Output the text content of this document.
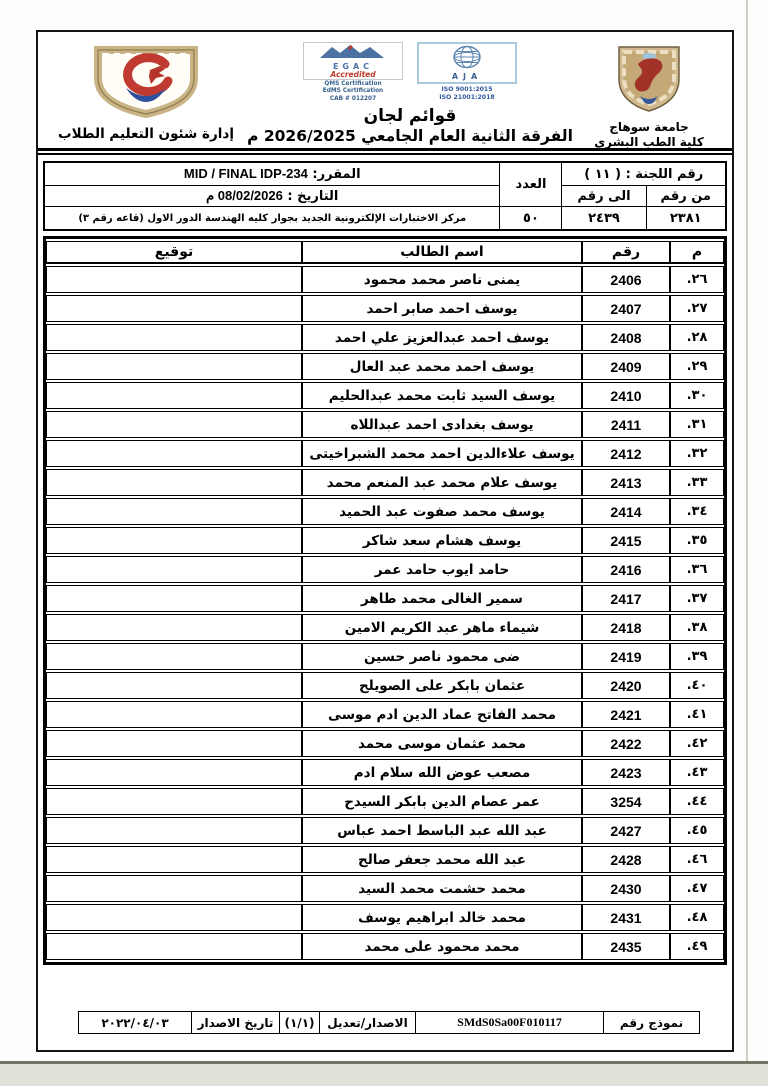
جامعة سوهاج
كلية الطب البشرى
EGAC
Accredited
QMS Certification
EdMS Certification
CAB # 012207
AJA
ISO 9001:2015
ISO 21001:2018
قوائم لجان
الفرقة الثانية العام الجامعي 2026/2025 م
إدارة شئون التعليم الطلاب
رقم اللجنة : ( ١١ )		العدد	المقرر: MID / FINAL IDP-234
من رقم	الى رقم		التاريخ : 08/02/2026 م
٢٣٨١	٢٤٣٩	٥٠	مركز الاختبارات الإلكترونية الجديد بجوار كليه الهندسة الدور الاول (قاعه رقم ٣)
م	رقم	اسم الطالب	توقيع
٢٦.	2406	يمنى ناصر محمد محمود	
٢٧.	2407	يوسف احمد صابر احمد	
٢٨.	2408	يوسف احمد عبدالعزيز علي احمد	
٢٩.	2409	يوسف احمد محمد عبد العال	
٣٠.	2410	يوسف السيد ثابت محمد عبدالحليم	
٣١.	2411	يوسف بغدادى احمد عبداللاه	
٣٢.	2412	يوسف علاءالدين احمد محمد الشبراخيتى	
٣٣.	2413	يوسف علام محمد عبد المنعم محمد	
٣٤.	2414	يوسف محمد صفوت عبد الحميد	
٣٥.	2415	يوسف هشام سعد شاكر	
٣٦.	2416	حامد ايوب حامد عمر	
٣٧.	2417	سمير الغالى محمد طاهر	
٣٨.	2418	شيماء ماهر عبد الكريم الامين	
٣٩.	2419	ضى محمود ناصر حسين	
٤٠.	2420	عثمان بابكر على الصويلح	
٤١.	2421	محمد الفاتح عماد الدين ادم موسى	
٤٢.	2422	محمد عثمان موسى محمد	
٤٣.	2423	مصعب عوض الله سلام ادم	
٤٤.	3254	عمر عصام الدين بابكر السيدح	
٤٥.	2427	عبد الله عبد الباسط احمد عباس	
٤٦.	2428	عبد الله محمد جعفر صالح	
٤٧.	2430	محمد حشمت محمد السيد	
٤٨.	2431	محمد خالد ابراهيم يوسف	
٤٩.	2435	محمد محمود على محمد	
نموذج رقم	SMdS0Sa00F010117	الاصدار/تعديل	(١/١)	تاريخ الاصدار	٢٠٢٢/٠٤/٠٣
